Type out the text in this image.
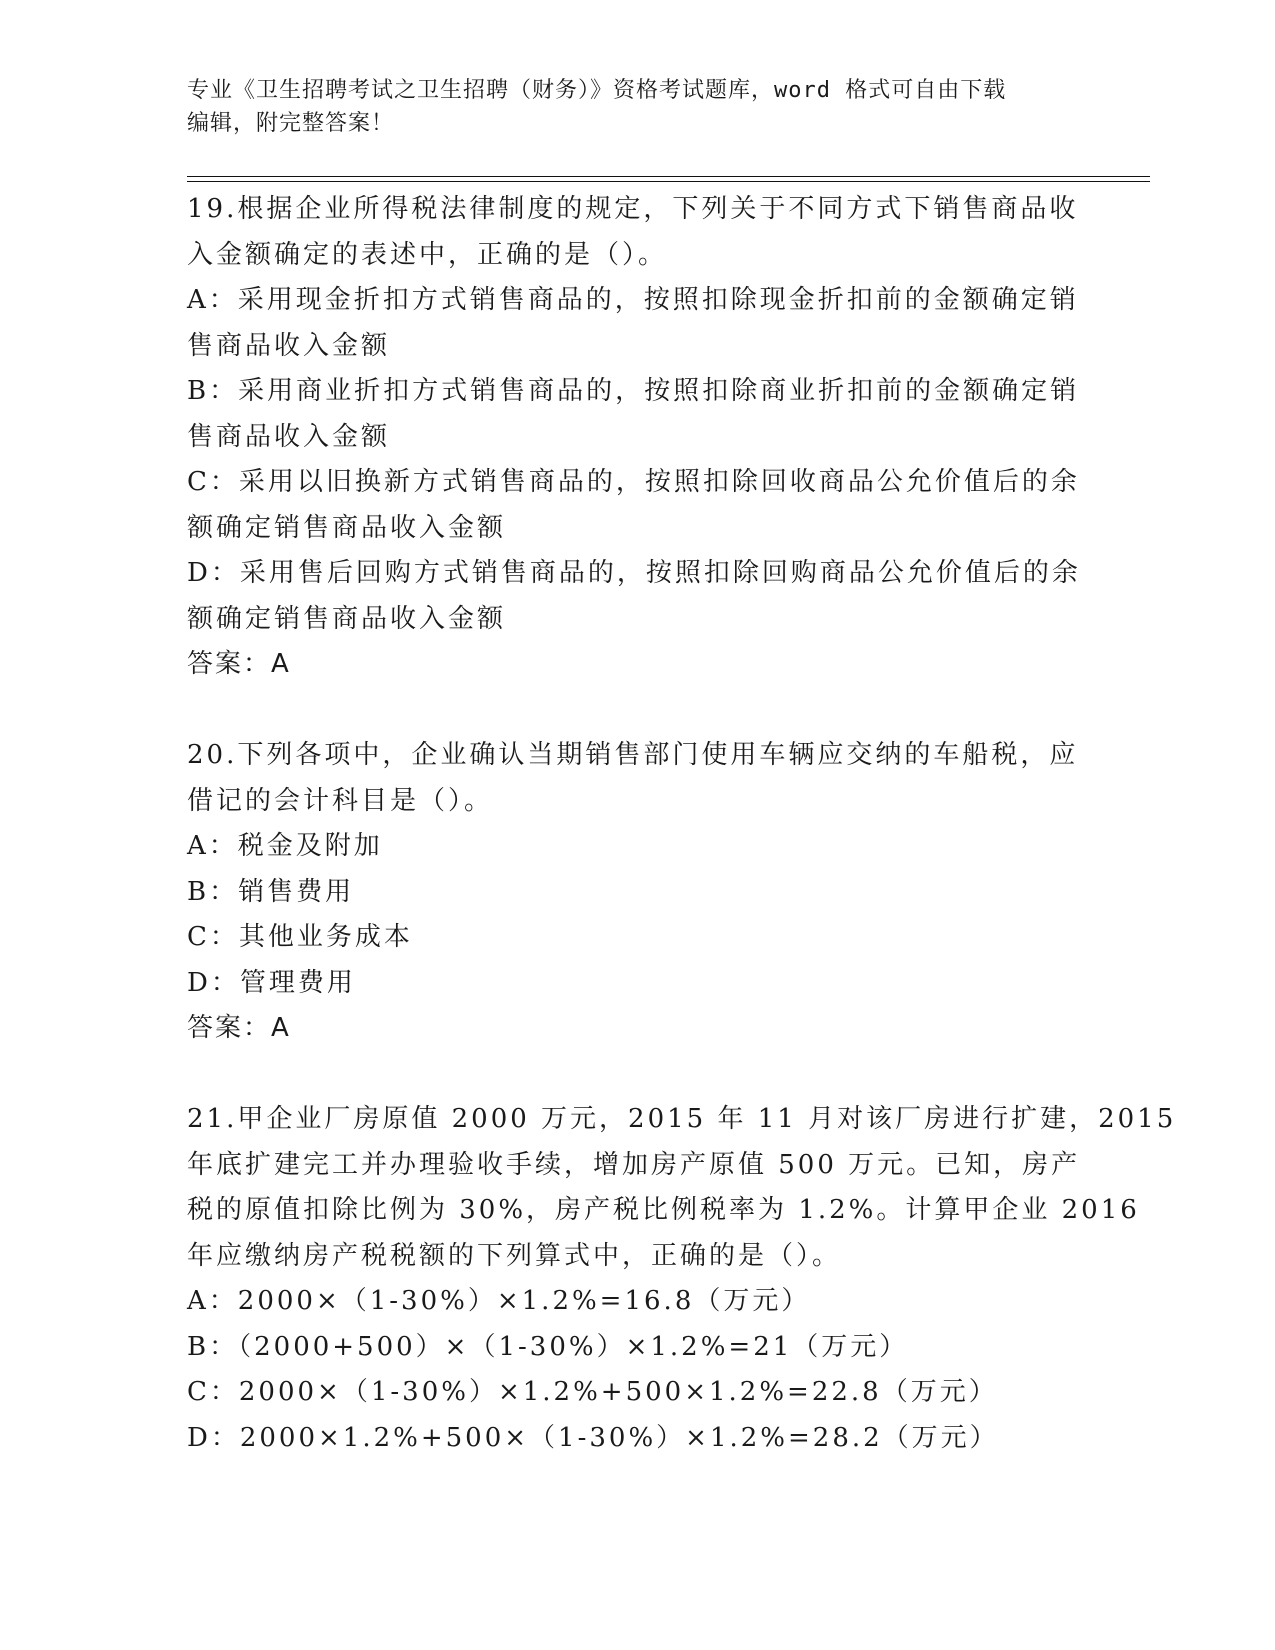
专业《卫生招聘考试之卫生招聘（财务）》资格考试题库，word 格式可自由下载
编辑，附完整答案！
19.根据企业所得税法律制度的规定，下列关于不同方式下销售商品收
入金额确定的表述中，正确的是（）。
A：采用现金折扣方式销售商品的，按照扣除现金折扣前的金额确定销
售商品收入金额
B：采用商业折扣方式销售商品的，按照扣除商业折扣前的金额确定销
售商品收入金额
C：采用以旧换新方式销售商品的，按照扣除回收商品公允价值后的余
额确定销售商品收入金额
D：采用售后回购方式销售商品的，按照扣除回购商品公允价值后的余
额确定销售商品收入金额
答案：A
20.下列各项中，企业确认当期销售部门使用车辆应交纳的车船税，应
借记的会计科目是（）。
A：税金及附加
B：销售费用
C：其他业务成本
D：管理费用
答案：A
21.甲企业厂房原值 2000 万元，2015 年 11 月对该厂房进行扩建，2015
年底扩建完工并办理验收手续，增加房产原值 500 万元。已知，房产
税的原值扣除比例为 30%，房产税比例税率为 1.2%。计算甲企业 2016
年应缴纳房产税税额的下列算式中，正确的是（）。
A：2000×（1-30%）×1.2%=16.8（万元）
B：（2000+500）×（1-30%）×1.2%=21（万元）
C：2000×（1-30%）×1.2%+500×1.2%=22.8（万元）
D：2000×1.2%+500×（1-30%）×1.2%=28.2（万元）
